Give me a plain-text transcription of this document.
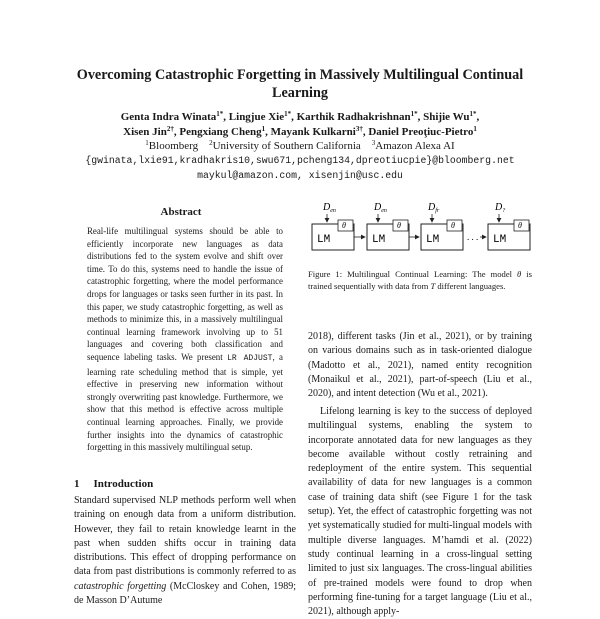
Overcoming Catastrophic Forgetting in Massively Multilingual Continual Learning
Genta Indra Winata$^{1*}$, Lingjue Xie$^{1*}$, Karthik Radhakrishnan$^{1*}$, Shijie $Wu^{1*}$,
Xisen Jin$^{2\dagger}$, Pengxiang Cheng$^1$, Mayank Kulkarni$^{3\dagger}$, Daniel Preoţiuc-Pietro$^1$
$^1$Bloomberg $^2$University of Southern California $^3$Amazon Alexa AI
{gwinata,lxie91,kradhakris10,swu671,pcheng134,dpreotiucpie}@bloomberg.net
maykul@amazon.com, xisenjin@usc.edu
Abstract
Real-life multilingual systems should be able to efficiently incorporate new languages as data distributions fed to the system evolve and shift over time. To do this, systems need to handle the issue of catastrophic forgetting, where the model performance drops for languages or tasks seen further in its past. In this paper, we study catastrophic forgetting, as well as methods to minimize this, in a massively multilingual continual learning framework involving up to 51 languages and covering both classification and sequence labeling tasks. We present LR ADJUST, a learning rate scheduling method that is simple, yet effective in preserving new information without strongly overwriting past knowledge. Furthermore, we show that this method is effective across multiple continual learning approaches. Finally, we provide further insights into the dynamics of catastrophic forgetting in this massively multilingual setup.
1 Introduction
Standard supervised NLP methods perform well when training on enough data from a uniform distribution. However, they fail to retain knowledge learnt in the past when sudden shifts occur in training data distributions. This effect of dropping performance on data from past distributions is commonly referred to as catastrophic forgetting (McCloskey and Cohen, 1989; de Masson D’Autume
$D_{en}$
LM
θ
$D_{en}$
LM
θ
$D_{fr}$
LM
θ
. . .
$D_?$
LM
θ
Figure 1: Multilingual Continual Learning: The model θ is trained sequentially with data from T different languages.
2018), different tasks (Jin et al., 2021), or by training on various domains such as in task-oriented dialogue (Madotto et al., 2021), named entity recognition (Monaikul et al., 2021), part-of-speech (Liu et al., 2020), and intent detection (Wu et al., 2021).
Lifelong learning is key to the success of deployed multilingual systems, enabling the system to incorporate annotated data for new languages as they become available without costly retraining and redeployment of the entire system. This sequential availability of data for new languages is a common case of training data shift (see Figure 1 for the task setup). Yet, the effect of catastrophic forgetting was not yet systematically studied for multi-lingual models with multiple diverse languages. M’hamdi et al. (2022) study continual learning in a cross-lingual setting limited to just six languages. The cross-lingual abilities of pre-trained models were found to drop when performing fine-tuning for a target language (Liu et al., 2021), although apply-
